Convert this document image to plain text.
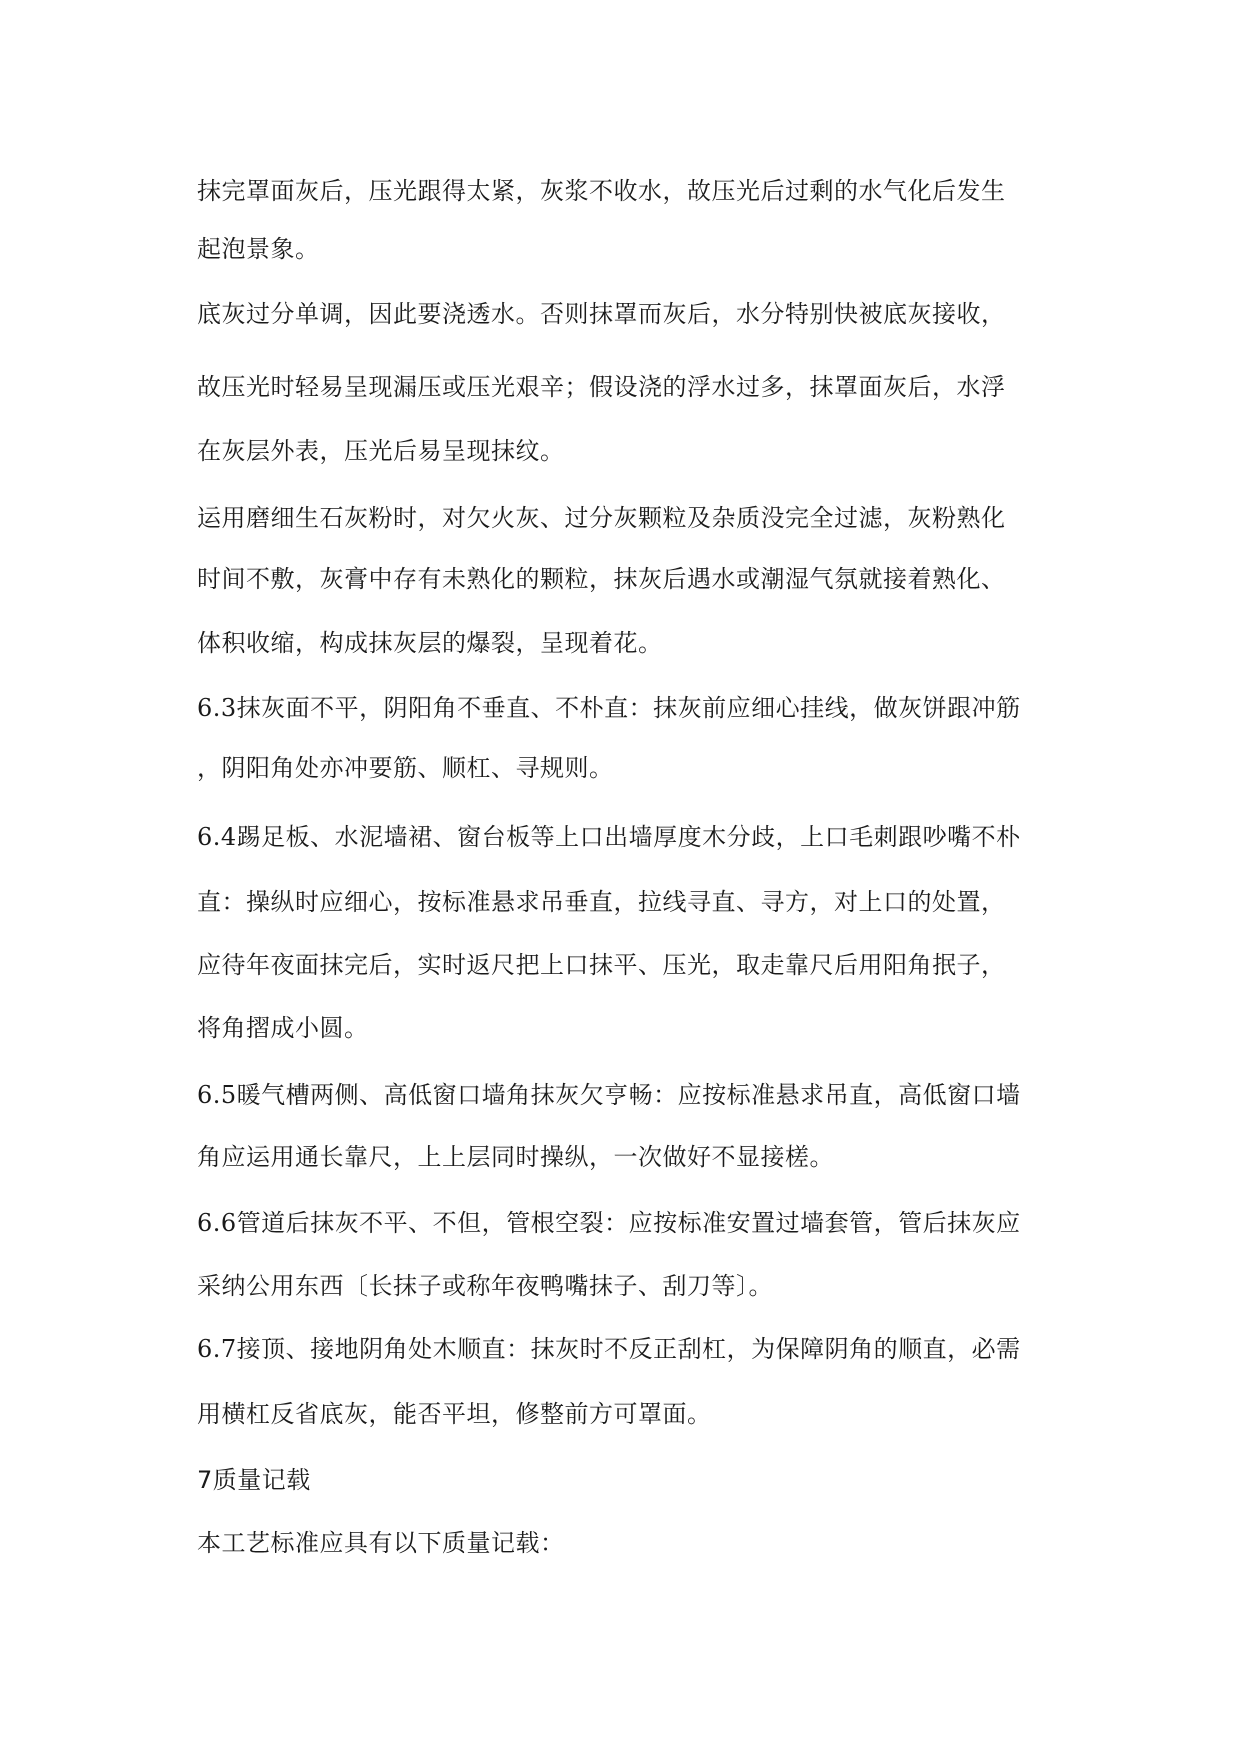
抹完罩面灰后，压光跟得太紧，灰浆不收水，故压光后过剩的水气化后发生
起泡景象。
底灰过分单调，因此要浇透水。否则抹罩而灰后，水分特别快被底灰接收，
故压光时轻易呈现漏压或压光艰辛；假设浇的浮水过多，抹罩面灰后，水浮
在灰层外表，压光后易呈现抹纹。
运用磨细生石灰粉时，对欠火灰、过分灰颗粒及杂质没完全过滤，灰粉熟化
时间不敷，灰膏中存有未熟化的颗粒，抹灰后遇水或潮湿气氛就接着熟化、
体积收缩，构成抹灰层的爆裂，呈现着花。
6.3抹灰面不平，阴阳角不垂直、不朴直：抹灰前应细心挂线，做灰饼跟冲筋
，阴阳角处亦冲要筋、顺杠、寻规则。
6.4踢足板、水泥墙裙、窗台板等上口出墙厚度木分歧，上口毛刺跟吵嘴不朴
直：操纵时应细心，按标准悬求吊垂直，拉线寻直、寻方，对上口的处置，
应待年夜面抹完后，实时返尺把上口抹平、压光，取走靠尺后用阳角抿子，
将角摺成小圆。
6.5暖气槽两侧、高低窗口墙角抹灰欠亨畅：应按标准悬求吊直，高低窗口墙
角应运用通长靠尺，上上层同时操纵，一次做好不显接槎。
6.6管道后抹灰不平、不但，管根空裂：应按标准安置过墙套管，管后抹灰应
采纳公用东西〔长抹子或称年夜鸭嘴抹子、刮刀等〕。
6.7接顶、接地阴角处木顺直：抹灰时不反正刮杠，为保障阴角的顺直，必需
用横杠反省底灰，能否平坦，修整前方可罩面。
7质量记载
本工艺标准应具有以下质量记载：
